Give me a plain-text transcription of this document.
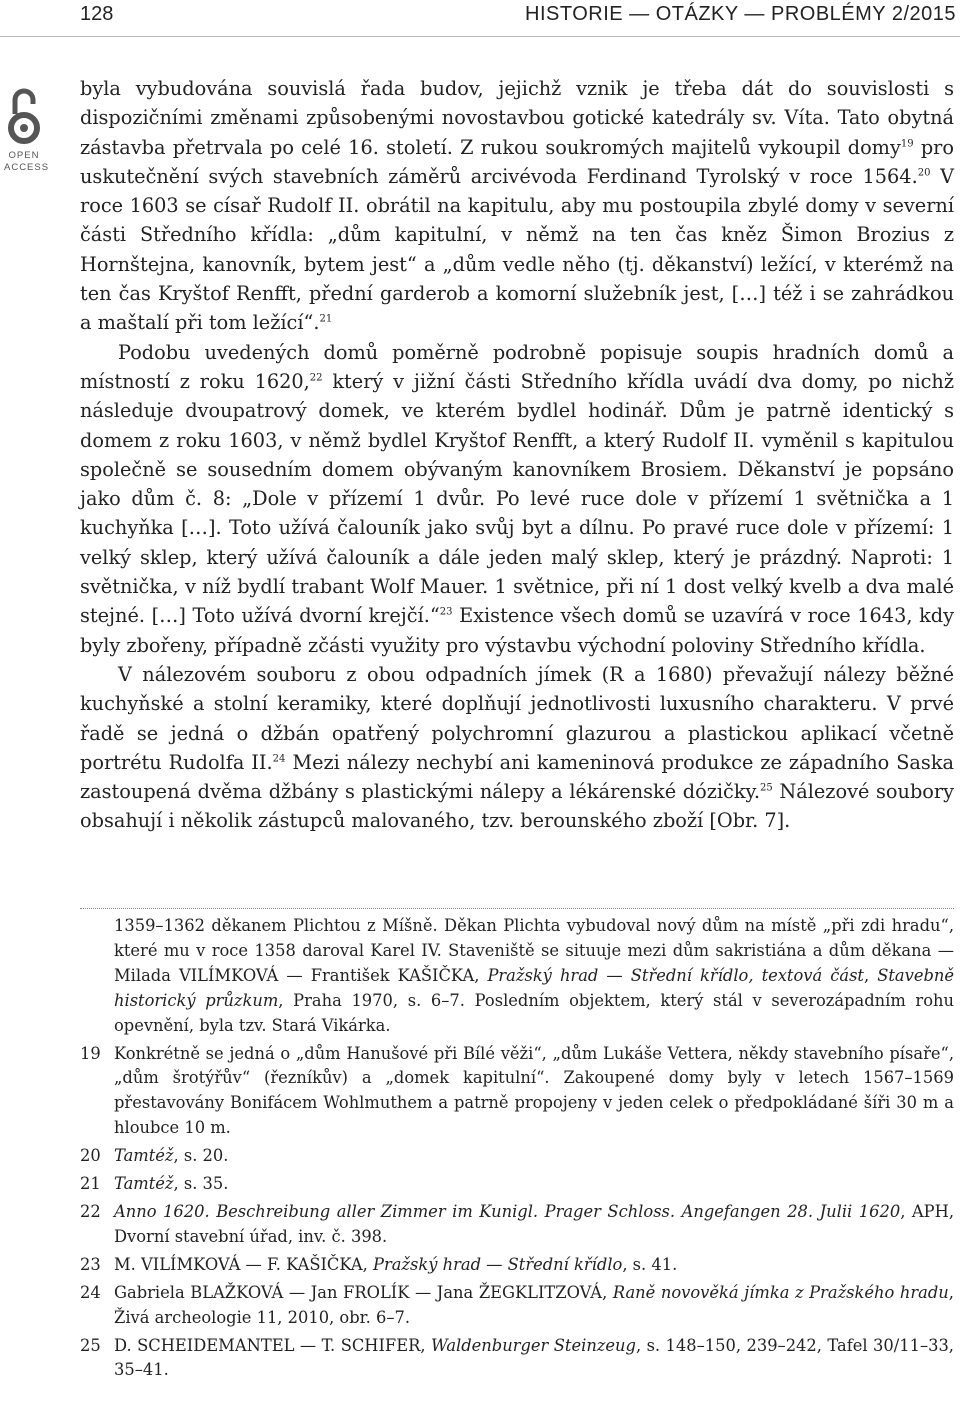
128	HISTORIE — OTÁZKY — PROBLÉMY 2/2015
OPEN
ACCESS

byla vybudována souvislá řada budov, jejichž vznik je třeba dát do souvislosti s dispozičními změnami způsobenými novostavbou gotické katedrály sv. Víta. Tato obytná zástavba přetrvala po celé 16. století. Z rukou soukromých majitelů vykoupil domy$^{19}$ pro uskutečnění svých stavebních záměrů arcivévoda Ferdinand Tyrolský v roce 1564.20 V roce 1603 se císař Rudolf II. obrátil na kapitulu, aby mu postoupila zbylé domy v severní části Středního křídla: „dům kapitulní, v němž na ten čas kněz Šimon Brozius z Hornštejna, kanovník, bytem jest“ a „dům vedle něho (tj. děkanství) ležící, v kterémž na ten čas Kryštof Renfft, přední garderob a komorní služebník jest, […] též i se zahrádkou a maštalí při tom ležící“.$^{21}$

Podobu uvedených domů poměrně podrobně popisuje soupis hradních domů a místností z roku 1620,22 který v jižní části Středního křídla uvádí dva domy, po nichž následuje dvoupatrový domek, ve kterém bydlel hodinář. Dům je patrně identický s domem z roku 1603, v němž bydlel Kryštof Renfft, a který Rudolf II. vyměnil s kapitulou společně se sousedním domem obývaným kanovníkem Brosiem. Děkanství je popsáno jako dům č. 8: „Dole v přízemí 1 dvůr. Po levé ruce dole v přízemí 1 světnička a 1 kuchyňka […]. Toto užívá čalouník jako svůj byt a dílnu. Po pravé ruce dole v přízemí: 1 velký sklep, který užívá čalouník a dále jeden malý sklep, který je prázdný. Naproti: 1 světnička, v níž bydlí trabant Wolf Mauer. 1 světnice, při ní 1 dost velký kvelb a dva malé stejné. […] Toto užívá dvorní krejčí.“$^{23}$ Existence všech domů se uzavírá v roce 1643, kdy byly zbořeny, případně zčásti využity pro výstavbu východní poloviny Středního křídla.

V nálezovém souboru z obou odpadních jímek (R a 1680) převažují nálezy běžné kuchyňské a stolní keramiky, které doplňují jednotlivosti luxusního charakteru. V prvé řadě se jedná o džbán opatřený polychromní glazurou a plastickou aplikací včetně portrétu Rudolfa II.$^{24}$ Mezi nálezy nechybí ani kameninová produkce ze západního Saska zastoupená dvěma džbány s plastickými nálepy a lékárenské dózičky.$^{25}$ Nálezové soubory obsahují i několik zástupců malovaného, tzv. berounského zboží [Obr. 7].

1359–1362 děkanem Plichtou z Míšně. Děkan Plichta vybudoval nový dům na místě „při zdi hradu“, které mu v roce 1358 daroval Karel IV. Staveniště se situuje mezi dům sakristiána a dům děkana — Milada VILÍMKOVÁ — František KAŠIČKA, Pražský hrad — Střední křídlo, textová část, Stavebně historický průzkum, Praha 1970, s. 6–7. Posledním objektem, který stál v severozápadním rohu opevnění, byla tzv. Stará Vikárka.
19 Konkrétně se jedná o „dům Hanušové při Bílé věži“, „dům Lukáše Vettera, někdy stavebního písaře“, „dům šrotýřův“ (řezníkův) a „domek kapitulní“. Zakoupené domy byly v letech 1567–1569 přestavovány Bonifácem Wohlmuthem a patrně propojeny v jeden celek o předpokládané šíři 30 m a hloubce 10 m.
20 Tamtéž, s. 20.
21 Tamtéž, s. 35.
22 Anno 1620. Beschreibung aller Zimmer im Kunigl. Prager Schloss. Angefangen 28. Julii 1620, APH, Dvorní stavební úřad, inv. č. 398.
23 M. VILÍMKOVÁ — F. KAŠIČKA, Pražský hrad — Střední křídlo, s. 41.
24 Gabriela BLAŽKOVÁ — Jan FROLÍK — Jana ŽEGKLITZOVÁ, Raně novověká jímka z Pražského hradu, Živá archeologie 11, 2010, obr. 6–7.
25 D. SCHEIDEMANTEL — T. SCHIFER, Waldenburger Steinzeug, s. 148–150, 239–242, Tafel 30/11–33, 35–41.
